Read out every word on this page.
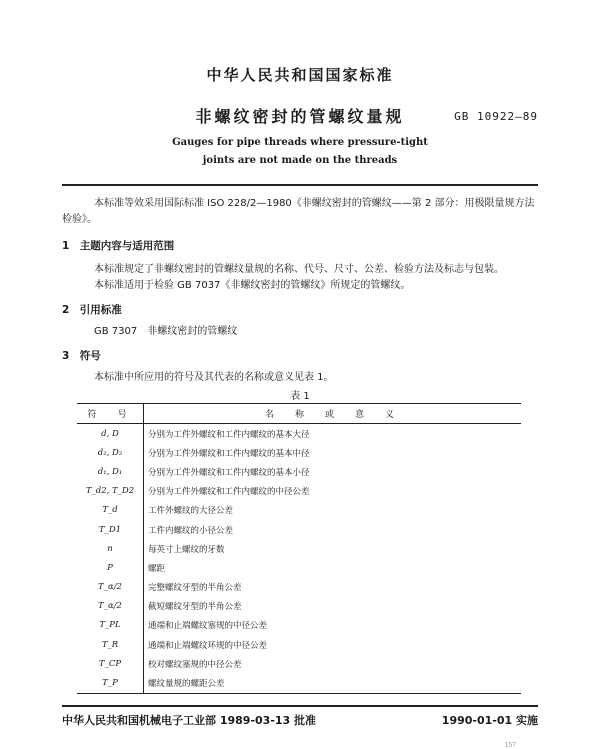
中华人民共和国国家标准
非螺纹密封的管螺纹量规	GB 10922—89
Gauges for pipe threads where pressure-tight
joints are not made on the threads
本标准等效采用国际标准 ISO 228/2—1980《非螺纹密封的管螺纹——第 2 部分：用极限量规方法
检验》。
1　主题内容与适用范围
本标准规定了非螺纹密封的管螺纹量规的名称、代号、尺寸、公差、检验方法及标志与包装。
本标准适用于检验 GB 7037《非螺纹密封的管螺纹》所规定的管螺纹。
2　引用标准
GB 7307　非螺纹密封的管螺纹
3　符号
本标准中所应用的符号及其代表的名称或意义见表 1。
表 1
符　号	名　称　或　意　义
d, D	分别为工件外螺纹和工件内螺纹的基本大径
d₂, D₂	分别为工件外螺纹和工件内螺纹的基本中径
d₁, D₁	分别为工件外螺纹和工件内螺纹的基本小径
T_d2, T_D2	分别为工件外螺纹和工件内螺纹的中径公差
T_d	工件外螺纹的大径公差
T_D1	工件内螺纹的小径公差
n	每英寸上螺纹的牙数
P	螺距
T_α/2	完整螺纹牙型的半角公差
T_α/2	截短螺纹牙型的半角公差
T_PL	通端和止端螺纹塞规的中径公差
T_R	通端和止端螺纹环规的中径公差
T_CP	校对螺纹塞规的中径公差
T_P	螺纹量规的螺距公差
中华人民共和国机械电子工业部 1989-03-13 批准	1990-01-01 实施
157
